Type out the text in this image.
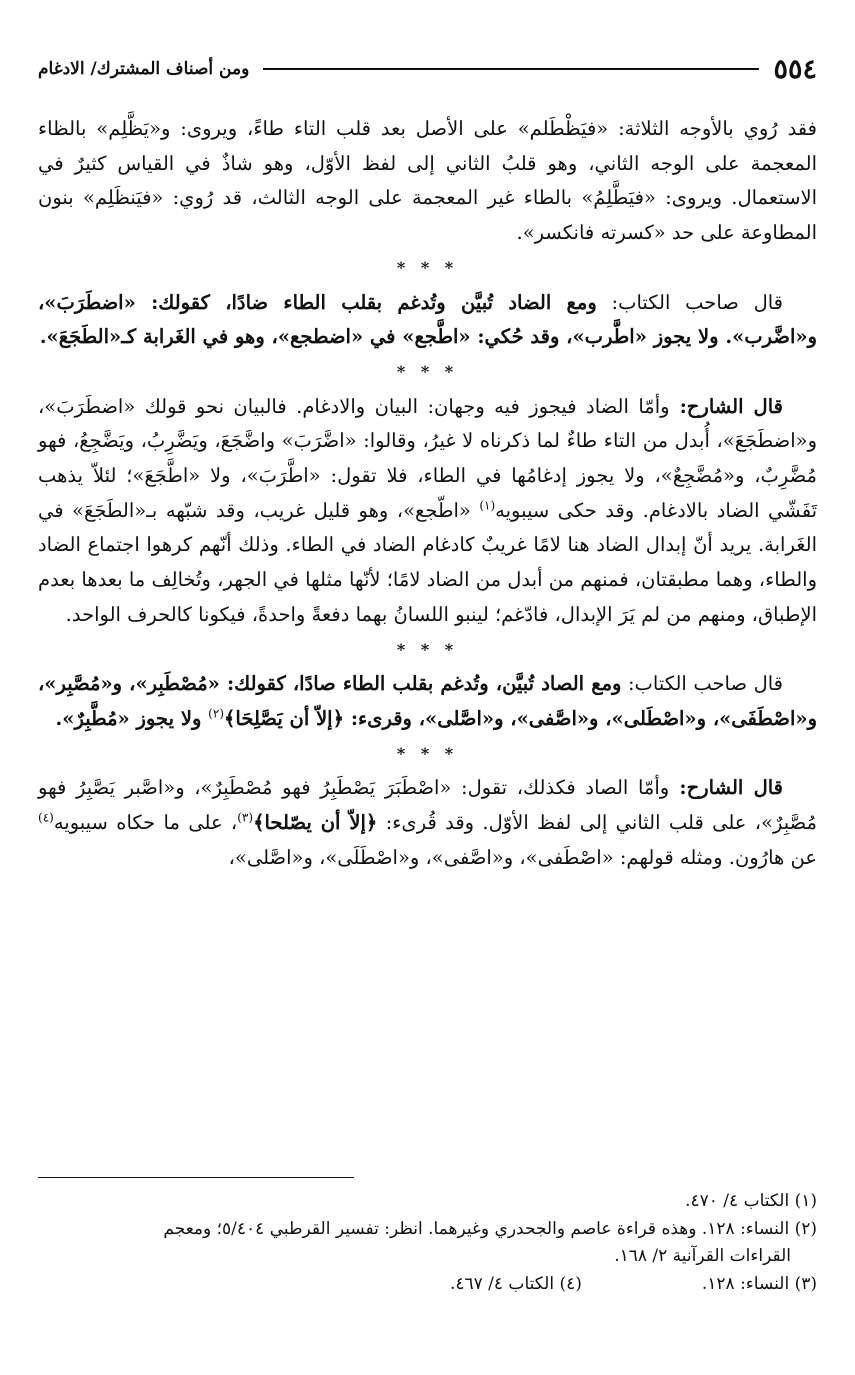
٥٥٤
ومن أصناف المشترك/ الادغام

فقد رُوي بالأوجه الثلاثة: «فيَظْطَلم» على الأصل بعد قلب التاء طاءً، ويروى: و«يَظَّلِم» بالظاء المعجمة على الوجه الثاني، وهو قلبُ الثاني إلى لفظ الأوّل، وهو شاذٌ في القياس كثيرٌ في الاستعمال. ويروى: «فيَطَّلِمُ» بالطاء غير المعجمة على الوجه الثالث، قد رُوي: «فيَنظَلِم» بنون المطاوعة على حد «كسرته فانكسر».

* * *

قال صاحب الكتاب: ومع الضاد تُبيَّن وتُدغم بقلب الطاء ضادًا، كقولك: «اضطَرَبَ»، و«اضَّرب». ولا يجوز «اطَّرب»، وقد حُكي: «اطَّجع» في «اضطجع»، وهو في الغَرابة كـ«الطَجَعَ».

* * *

قال الشارح: وأمّا الضاد فيجوز فيه وجهان: البيان والادغام. فالبيان نحو قولك «اضطَرَبَ»، و«اضطَجَعَ»، أُبدل من التاء طاءٌ لما ذكرناه لا غيرُ، وقالوا: «اضَّرَبَ» واضَّجَعَ، ويَضَّرِبُ، ويَضَّجِعُ، فهو مُضَّرِبٌ، و«مُضَّجِعٌ»، ولا يجوز إدغامُها في الطاء، فلا تقول: «اطَّرَبَ»، ولا «اطَّجَعَ»؛ لئلاّ يذهب تَفَشّي الضاد بالادغام. وقد حكى سيبويه$^{(١)}$ «اطّجع»، وهو قليل غريب، وقد شبّهه بـ«الطَجَعَ» في الغَرابة. يريد أنّ إبدال الضاد هنا لامًا غريبٌ كادغام الضاد في الطاء. وذلك أنّهم كرهوا اجتماع الضاد والطاء، وهما مطبقتان، فمنهم من أبدل من الضاد لامًا؛ لأنّها مثلها في الجهر، وتُخالِف ما بعدها بعدم الإطباق، ومنهم من لم يَرَ الإبدال، فادّغم؛ لينبو اللسانُ بهما دفعةً واحدةً، فيكونا كالحرف الواحد.

* * *

قال صاحب الكتاب: ومع الصاد تُبيَّن، وتُدغم بقلب الطاء صادًا، كقولك: «مُصْطَبِر»، و«مُصَّبِر»، و«اصْطَفَى»، و«اصْطَلى»، و«اصَّفى»، و«اصَّلى»، وقرىء: ﴿إلاّ أن يَصَّلِحَا﴾$^{(٢)}$ ولا يجوز «مُطَّبِرٌ».

* * *

قال الشارح: وأمّا الصاد فكذلك، تقول: «اصْطَبَرَ يَصْطَبِرُ فهو مُصْطَبِرٌ»، و«اصَّبر يَصَّبِرُ فهو مُصَّبِرٌ»، على قلب الثاني إلى لفظ الأوّل. وقد قُرىء: ﴿إلاّ أن يصّلحا﴾$^{(٣)}$، على ما حكاه سيبويه$^{(٤)}$ عن هارُون. ومثله قولهم: «اصْطَفى»، و«اصَّفى»، و«اصْطَلَى»، و«اصَّلى»،

(١) الكتاب ٤/ ٤٧٠.

(٢) النساء: ١٢٨. وهذه قراءة عاصم والجحدري وغيرهما. انظر: تفسير القرطبي ٥/٤٠٤؛ ومعجم

القراءات القرآنية ٢/ ١٦٨.

(٣) النساء: ١٢٨.
(٤) الكتاب ٤/ ٤٦٧.
